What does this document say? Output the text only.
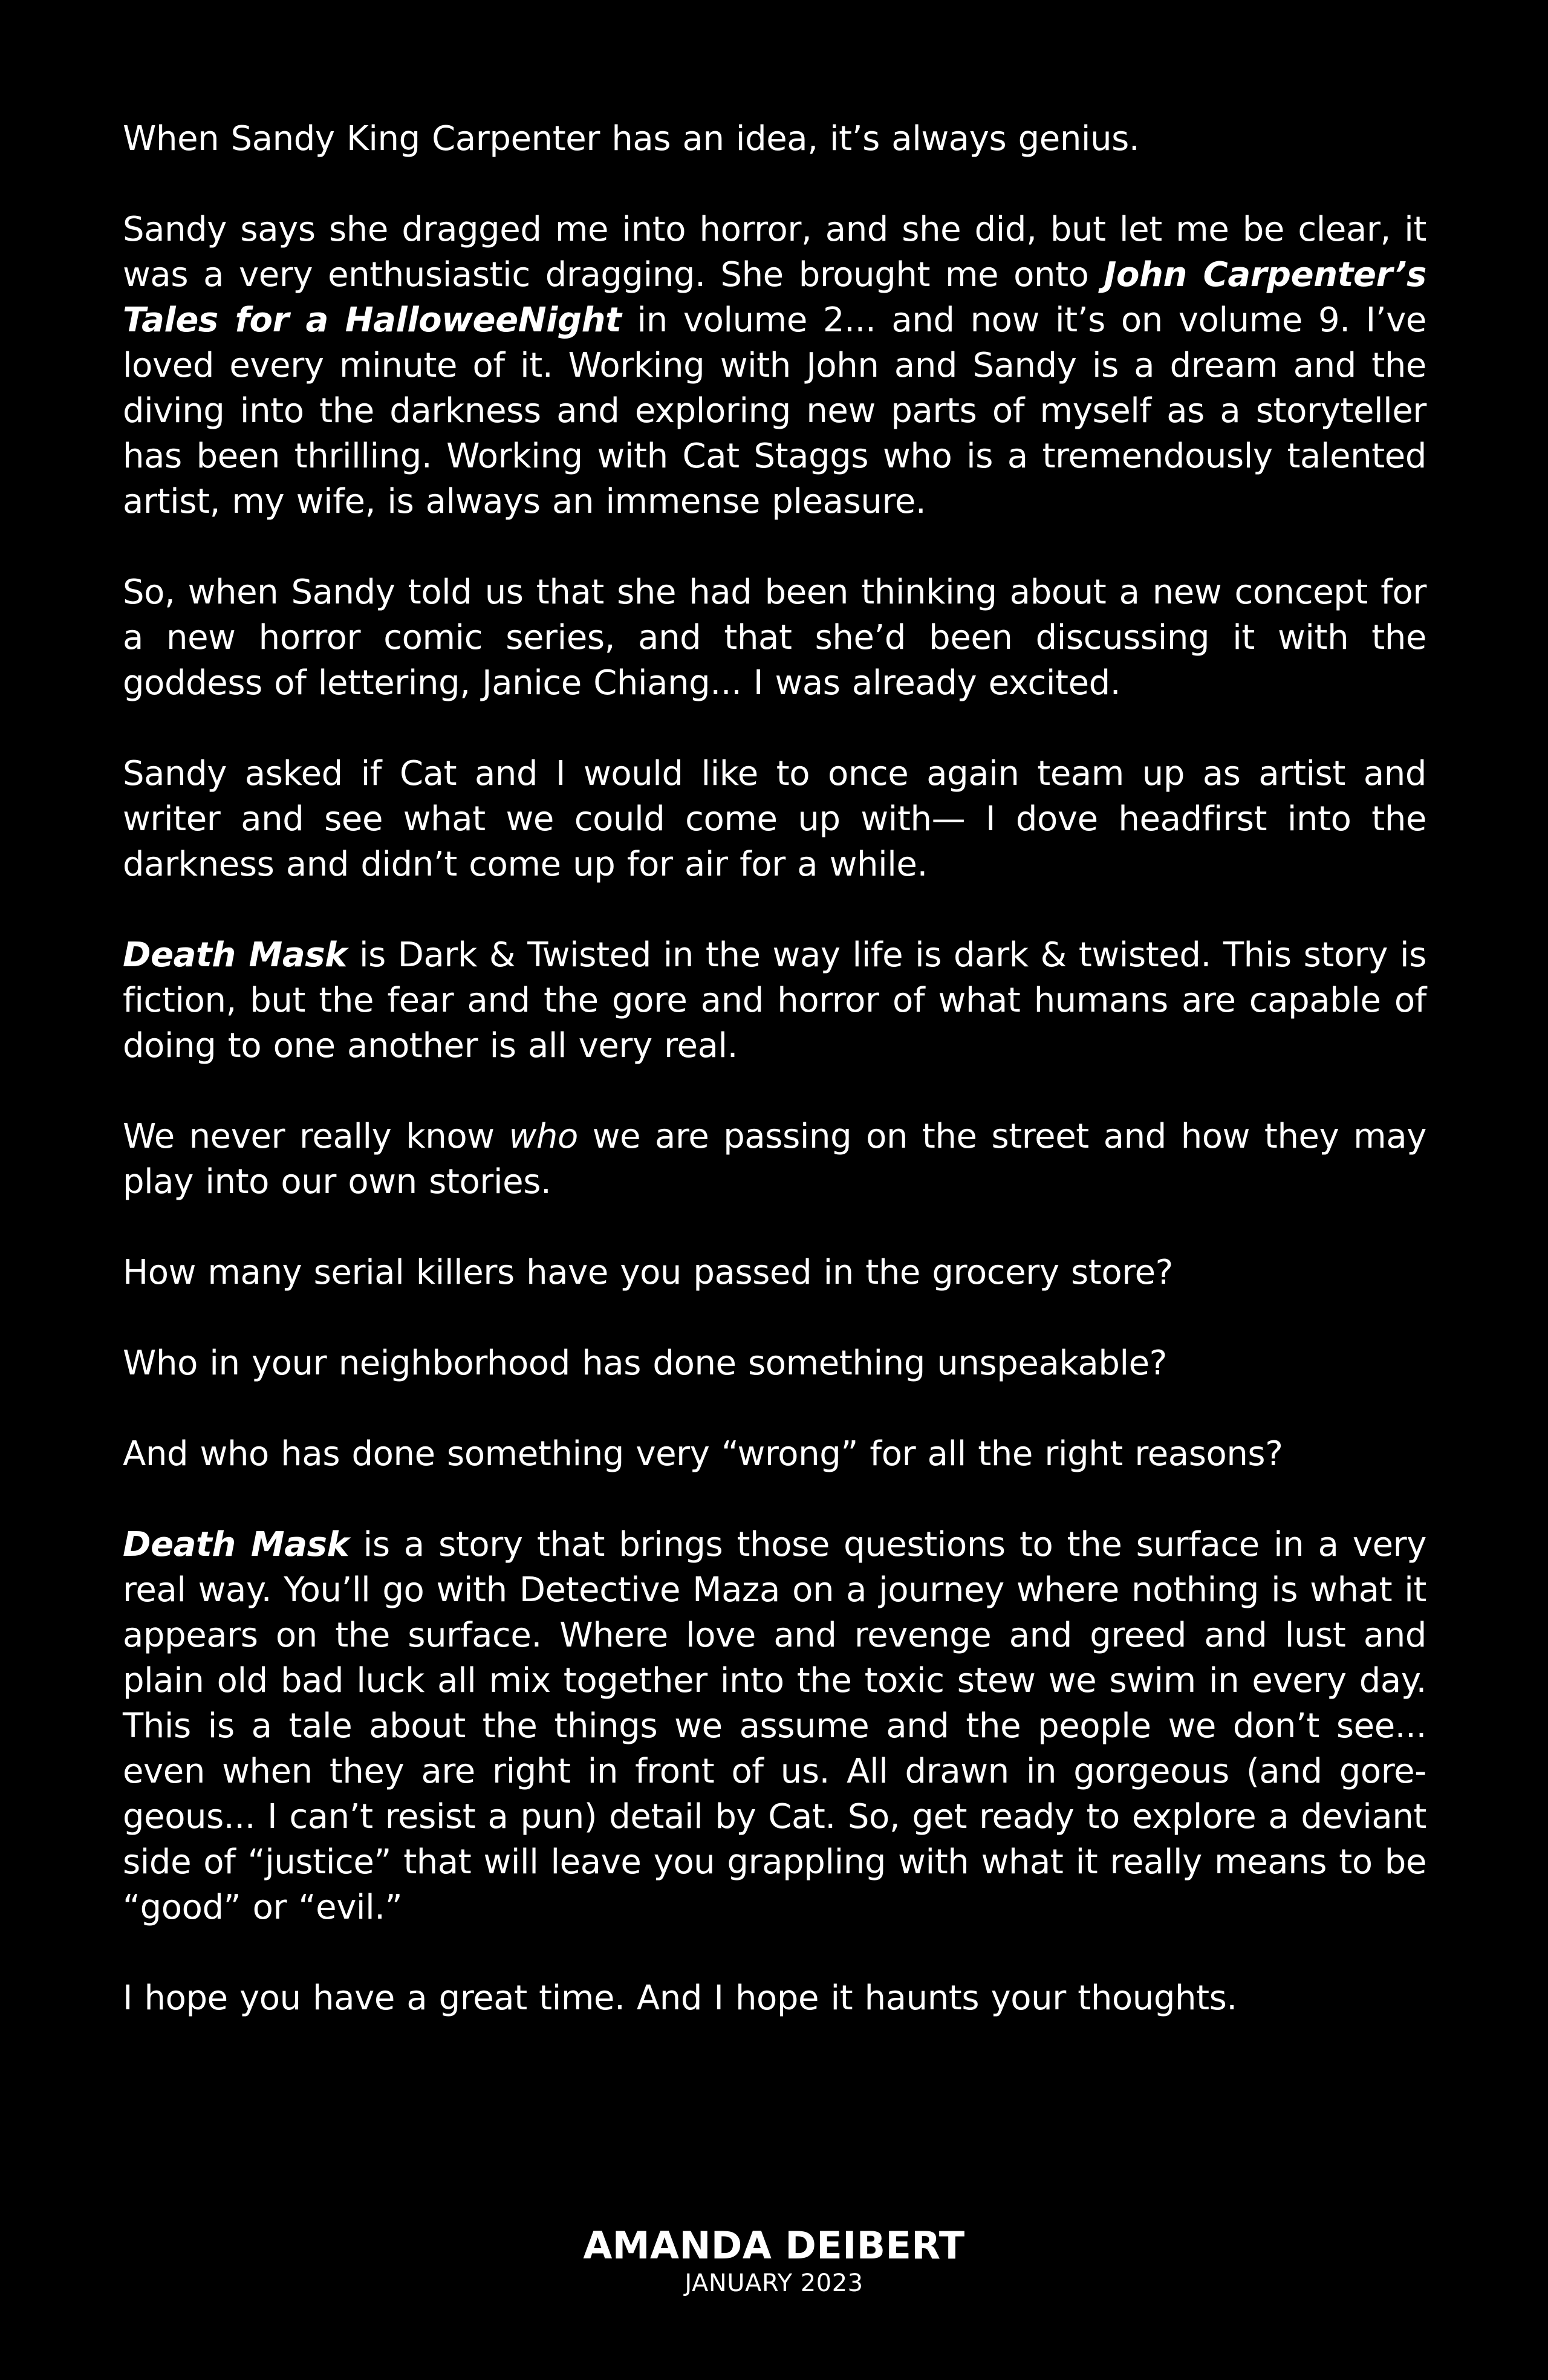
When Sandy King Carpenter has an idea, it’s always genius.

Sandy says she dragged me into horror, and she did, but let me be clear, it was a very enthusiastic dragging. She brought me onto John Carpenter’s Tales for a HalloweeNight in volume 2... and now it’s on volume 9. I’ve loved every minute of it. Working with John and Sandy is a dream and the diving into the darkness and exploring new parts of myself as a storyteller has been thrilling. Working with Cat Staggs who is a tremendously talented artist, my wife, is always an immense pleasure.

So, when Sandy told us that she had been thinking about a new concept for a new horror comic series, and that she’d been discussing it with the goddess of lettering, Janice Chiang... I was already excited.

Sandy asked if Cat and I would like to once again team up as artist and writer and see what we could come up with— I dove headfirst into the darkness and didn’t come up for air for a while.

Death Mask is Dark & Twisted in the way life is dark & twisted. This story is fiction, but the fear and the gore and horror of what humans are capable of doing to one another is all very real.

We never really know who we are passing on the street and how they may play into our own stories.

How many serial killers have you passed in the grocery store?

Who in your neighborhood has done something unspeakable?

And who has done something very “wrong” for all the right reasons?

Death Mask is a story that brings those questions to the surface in a very real way. You’ll go with Detective Maza on a journey where nothing is what it appears on the surface. Where love and revenge and greed and lust and plain old bad luck all mix together into the toxic stew we swim in every day. This is a tale about the things we assume and the people we don’t see... even when they are right in front of us. All drawn in gorgeous (and gore-geous... I can’t resist a pun) detail by Cat. So, get ready to explore a deviant side of “justice” that will leave you grappling with what it really means to be “good” or “evil.”

I hope you have a great time. And I hope it haunts your thoughts.

AMANDA DEIBERT
JANUARY 2023
